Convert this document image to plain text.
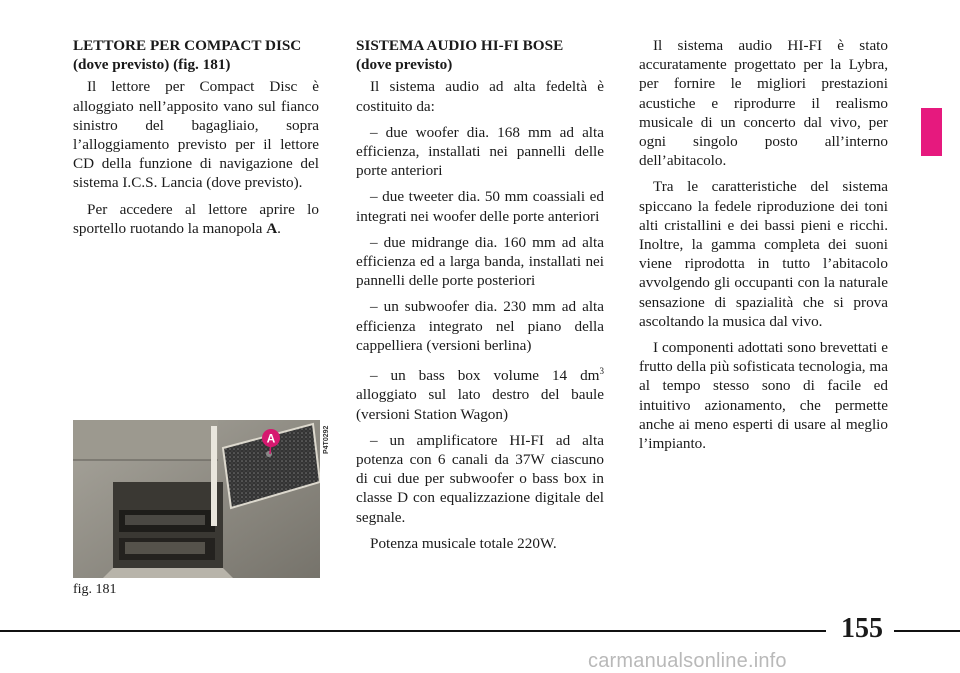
LETTORE PER COMPACT DISC
(dove previsto) (fig. 181)

Il lettore per Compact Disc è alloggiato nell’apposito vano sul fianco sinistro del bagagliaio, sopra l’alloggiamento previsto per il lettore CD della funzione di navigazione del sistema I.C.S. Lancia (dove previsto).

Per accedere al lettore aprire lo sportello ruotando la manopola A.

A	P4T0292
fig. 181

SISTEMA AUDIO HI-FI BOSE
(dove previsto)

Il sistema audio ad alta fedeltà è costituito da:

– due woofer dia. 168 mm ad alta efficienza, installati nei pannelli delle porte anteriori

– due tweeter dia. 50 mm coassiali ed integrati nei woofer delle porte anteriori

– due midrange dia. 160 mm ad alta efficienza ed a larga banda, installati nei pannelli delle porte posteriori

– un subwoofer dia. 230 mm ad alta efficienza integrato nel piano della cappelliera (versioni berlina)

– un bass box volume 14 $dm^3$ alloggiato sul lato destro del baule (versioni Station Wagon)

– un amplificatore HI-FI ad alta potenza con 6 canali da 37W ciascuno di cui due per subwoofer o bass box in classe D con equalizzazione digitale del segnale.

Potenza musicale totale 220W.

Il sistema audio HI-FI è stato accuratamente progettato per la Lybra, per fornire le migliori prestazioni acustiche e riprodurre il realismo musicale di un concerto dal vivo, per ogni singolo posto all’interno dell’abitacolo.

Tra le caratteristiche del sistema spiccano la fedele riproduzione dei toni alti cristallini e dei bassi pieni e ricchi. Inoltre, la gamma completa dei suoni viene riprodotta in tutto l’abitacolo avvolgendo gli occupanti con la naturale sensazione di spazialità che si prova ascoltando la musica dal vivo.

I componenti adottati sono brevettati e frutto della più sofisticata tecnologia, ma al tempo stesso sono di facile ed intuitivo azionamento, che permette anche ai meno esperti di usare al meglio l’impianto.

155
carmanualsonline.info
